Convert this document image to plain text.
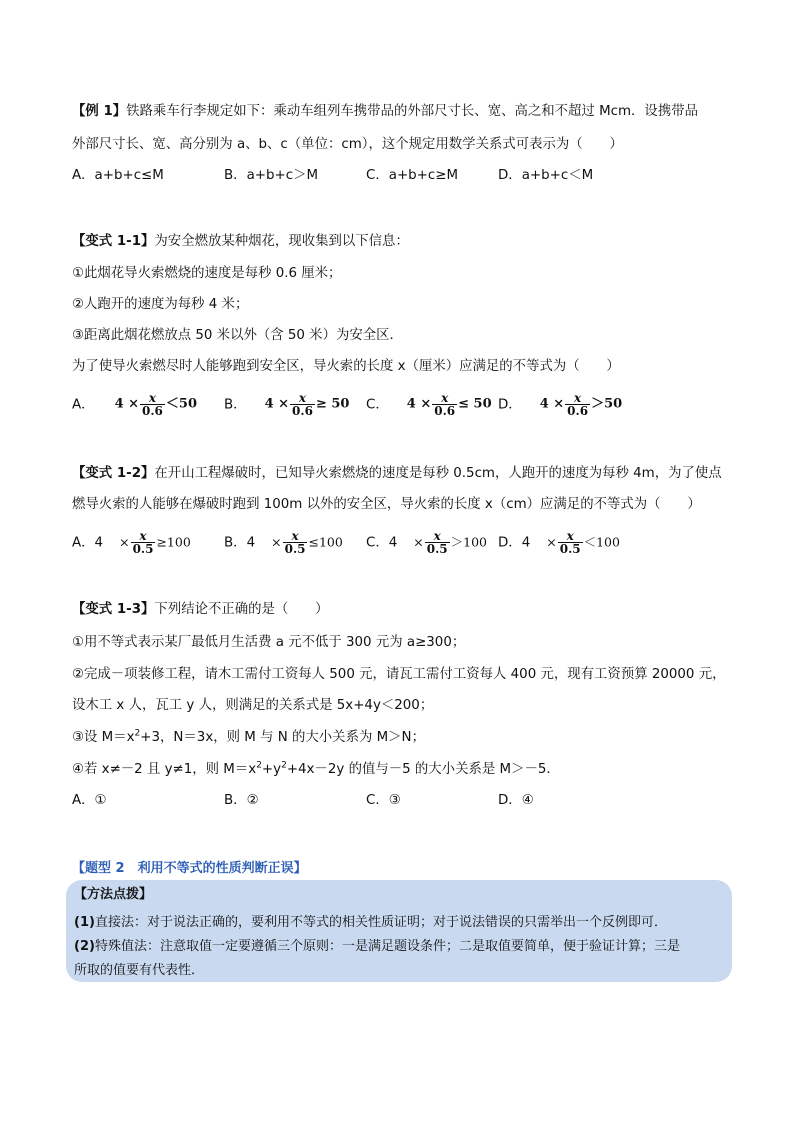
【例 1】铁路乘车行李规定如下：乘动车组列车携带品的外部尺寸长、宽、高之和不超过 Mcm．设携带品
外部尺寸长、宽、高分别为 a、b、c（单位：cm），这个规定用数学关系式可表示为（　　）
A．a+b+c≤M	B．a+b+c＞M	C．a+b+c≥M	D．a+b+c＜M
【变式 1-1】为安全燃放某种烟花，现收集到以下信息：
①此烟花导火索燃烧的速度是每秒 0.6 厘米；
②人跑开的速度为每秒 4 米；
③距离此烟花燃放点 50 米以外（含 50 米）为安全区．
为了使导火索燃尽时人能够跑到安全区，导火索的长度 x（厘米）应满足的不等式为（　　）
A． $4 \times \frac{x}{0.6} <50$ B． $4 \times \frac{x}{0.6} \ge 50$ C． $4 \times \frac{x}{0.6} \le 50$ D． $4 \times \frac{x}{0.6} >50$
【变式 1-2】在开山工程爆破时，已知导火索燃烧的速度是每秒 0.5cm，人跑开的速度为每秒 4m，为了使点
燃导火索的人能够在爆破时跑到 100m 以外的安全区，导火索的长度 x（cm）应满足的不等式为（　　）
A．$4 \times \frac{x}{0.5} \ge 100$ B．$4 \times \frac{x}{0.5} \le 100$ C．$4 \times \frac{x}{0.5} >100$ D．$4 \times \frac{x}{0.5} <100$
【变式 1-3】下列结论不正确的是（　　）
①用不等式表示某厂最低月生活费 a 元不低于 300 元为 a≥300；
②完成－项装修工程，请木工需付工资每人 500 元，请瓦工需付工资每人 400 元，现有工资预算 20000 元，
设木工 x 人，瓦工 y 人，则满足的关系式是 5x+4y＜200；
③设 $M=x^2+3$，N＝3x，则 M 与 N 的大小关系为 M＞N；
④若 x≠－2 且 y≠1，则 $M=x^2+y^2+4x-2y$ 的值与－5 的大小关系是 M＞－5．
A．①	B．②	C．③	D．④
【题型 2　利用不等式的性质判断正误】
【方法点拨】
(1)直接法：对于说法正确的，要利用不等式的相关性质证明；对于说法错误的只需举出一个反例即可．
(2)特殊值法：注意取值一定要遵循三个原则：一是满足题设条件；二是取值要简单，便于验证计算；三是
所取的值要有代表性．
